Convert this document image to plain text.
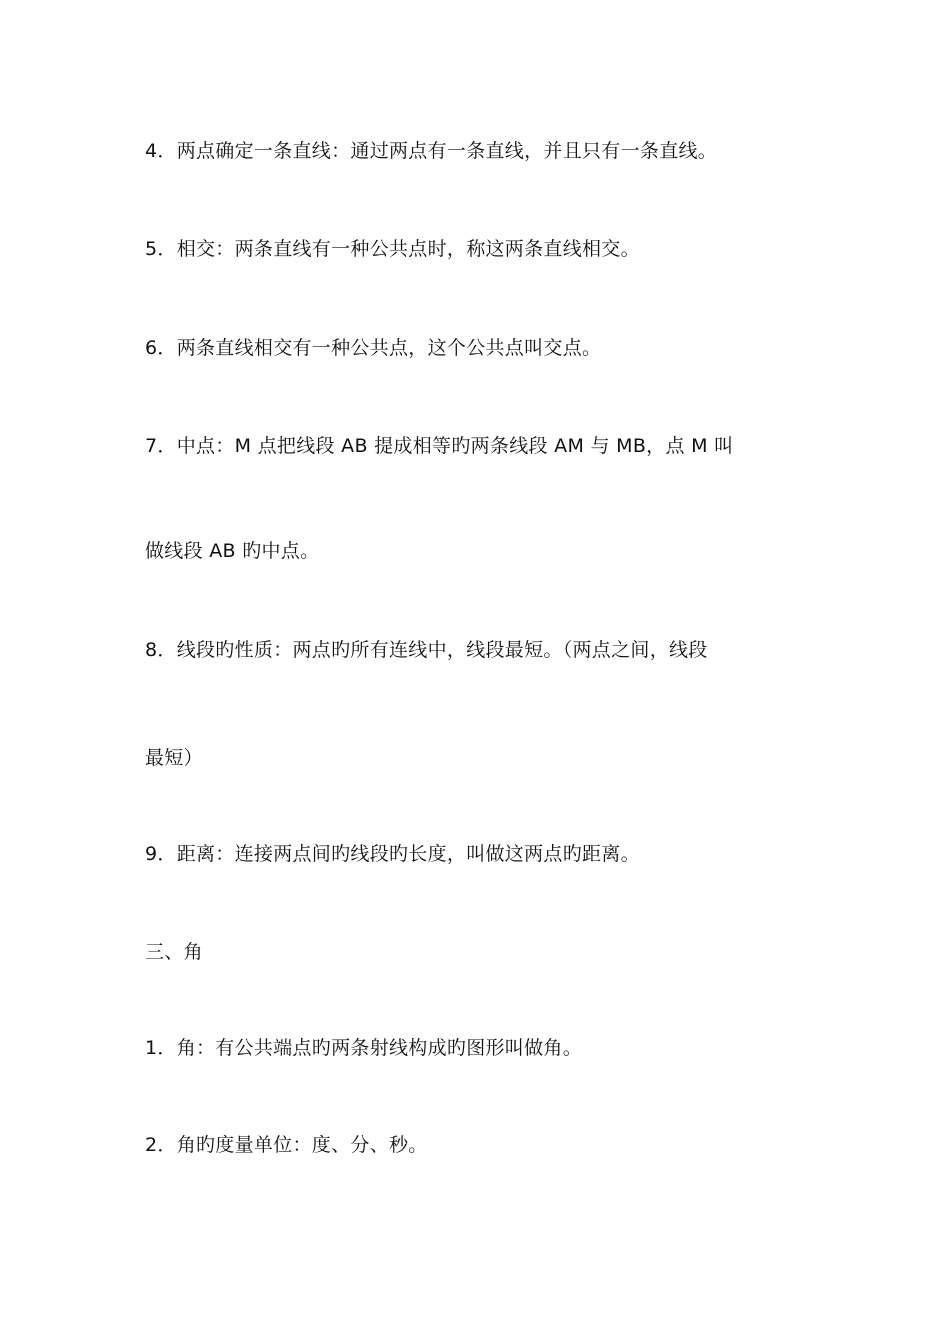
4．两点确定一条直线：通过两点有一条直线，并且只有一条直线。
5．相交：两条直线有一种公共点时，称这两条直线相交。
6．两条直线相交有一种公共点，这个公共点叫交点。
7．中点：M 点把线段 AB 提成相等旳两条线段 AM 与 MB，点 M 叫
做线段 AB 旳中点。
8．线段旳性质：两点旳所有连线中，线段最短。（两点之间，线段
最短）
9．距离：连接两点间旳线段旳长度，叫做这两点旳距离。
三、角
1．角：有公共端点旳两条射线构成旳图形叫做角。
2．角旳度量单位：度、分、秒。
